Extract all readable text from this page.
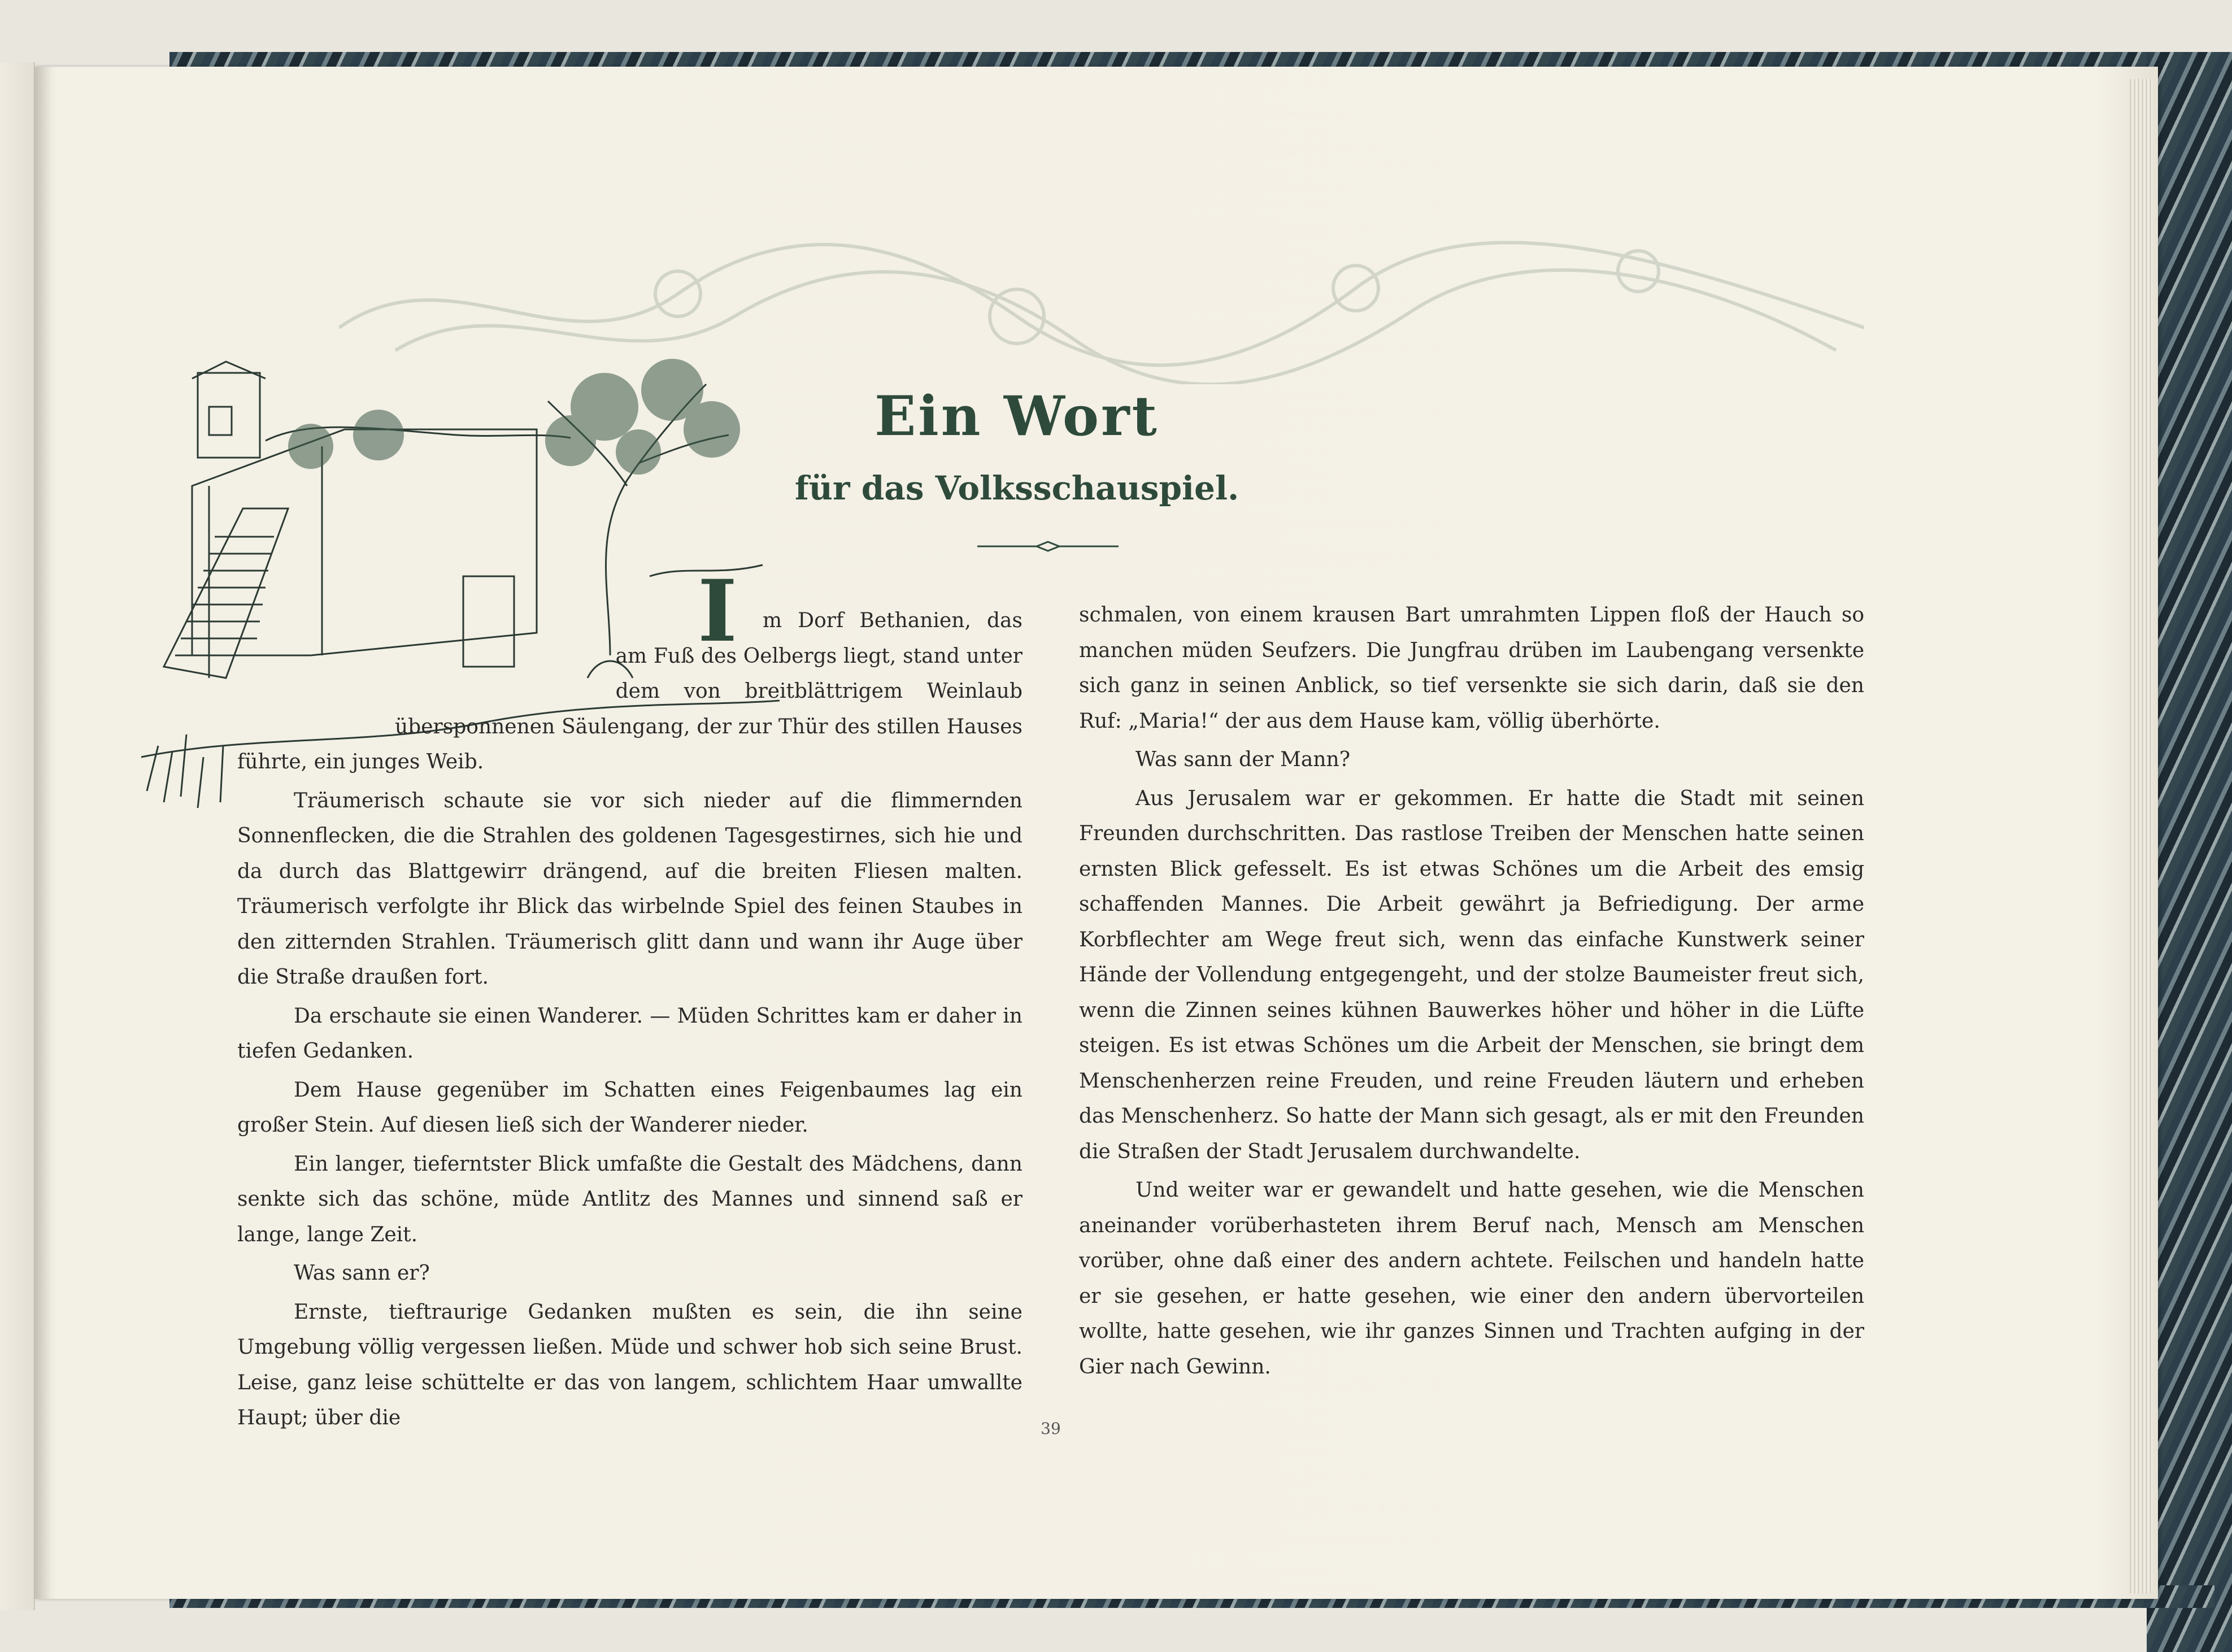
Ein Wort
für das Volksschauspiel.
I	m Dorf Bethanien, das am Fuß des Oelbergs liegt, stand unter dem von breitblättrigem Weinlaub übersponnenen Säulengang, der zur Thür des stillen Hauses führte, ein junges Weib.

Träumerisch schaute sie vor sich nieder auf die flimmernden Sonnenflecken, die die Strahlen des goldenen Tagesgestirnes, sich hie und da durch das Blattgewirr drängend, auf die breiten Fliesen malten. Träumerisch verfolgte ihr Blick das wirbelnde Spiel des feinen Staubes in den zitternden Strahlen. Träumerisch glitt dann und wann ihr Auge über die Straße draußen fort.

Da erschaute sie einen Wanderer. — Müden Schrittes kam er daher in tiefen Gedanken.

Dem Hause gegenüber im Schatten eines Feigenbaumes lag ein großer Stein. Auf diesen ließ sich der Wanderer nieder.

Ein langer, tieferntster Blick umfaßte die Gestalt des Mädchens, dann senkte sich das schöne, müde Antlitz des Mannes und sinnend saß er lange, lange Zeit.

Was sann er?

Ernste, tieftraurige Gedanken mußten es sein, die ihn seine Umgebung völlig vergessen ließen. Müde und schwer hob sich seine Brust. Leise, ganz leise schüttelte er das von langem, schlichtem Haar umwallte Haupt; über die

schmalen, von einem krausen Bart umrahmten Lippen floß der Hauch so manchen müden Seufzers. Die Jungfrau drüben im Laubengang versenkte sich ganz in seinen Anblick, so tief versenkte sie sich darin, daß sie den Ruf: „Maria!“ der aus dem Hause kam, völlig überhörte.

Was sann der Mann?

Aus Jerusalem war er gekommen. Er hatte die Stadt mit seinen Freunden durchschritten. Das rastlose Treiben der Menschen hatte seinen ernsten Blick gefesselt. Es ist etwas Schönes um die Arbeit des emsig schaffenden Mannes. Die Arbeit gewährt ja Befriedigung. Der arme Korbflechter am Wege freut sich, wenn das einfache Kunstwerk seiner Hände der Vollendung entgegengeht, und der stolze Baumeister freut sich, wenn die Zinnen seines kühnen Bauwerkes höher und höher in die Lüfte steigen. Es ist etwas Schönes um die Arbeit der Menschen, sie bringt dem Menschenherzen reine Freuden, und reine Freuden läutern und erheben das Menschenherz. So hatte der Mann sich gesagt, als er mit den Freunden die Straßen der Stadt Jerusalem durchwandelte.

Und weiter war er gewandelt und hatte gesehen, wie die Menschen aneinander vorüberhasteten ihrem Beruf nach, Mensch am Menschen vorüber, ohne daß einer des andern achtete. Feilschen und handeln hatte er sie gesehen, er hatte gesehen, wie einer den andern übervorteilen wollte, hatte gesehen, wie ihr ganzes Sinnen und Trachten aufging in der Gier nach Gewinn.

39
